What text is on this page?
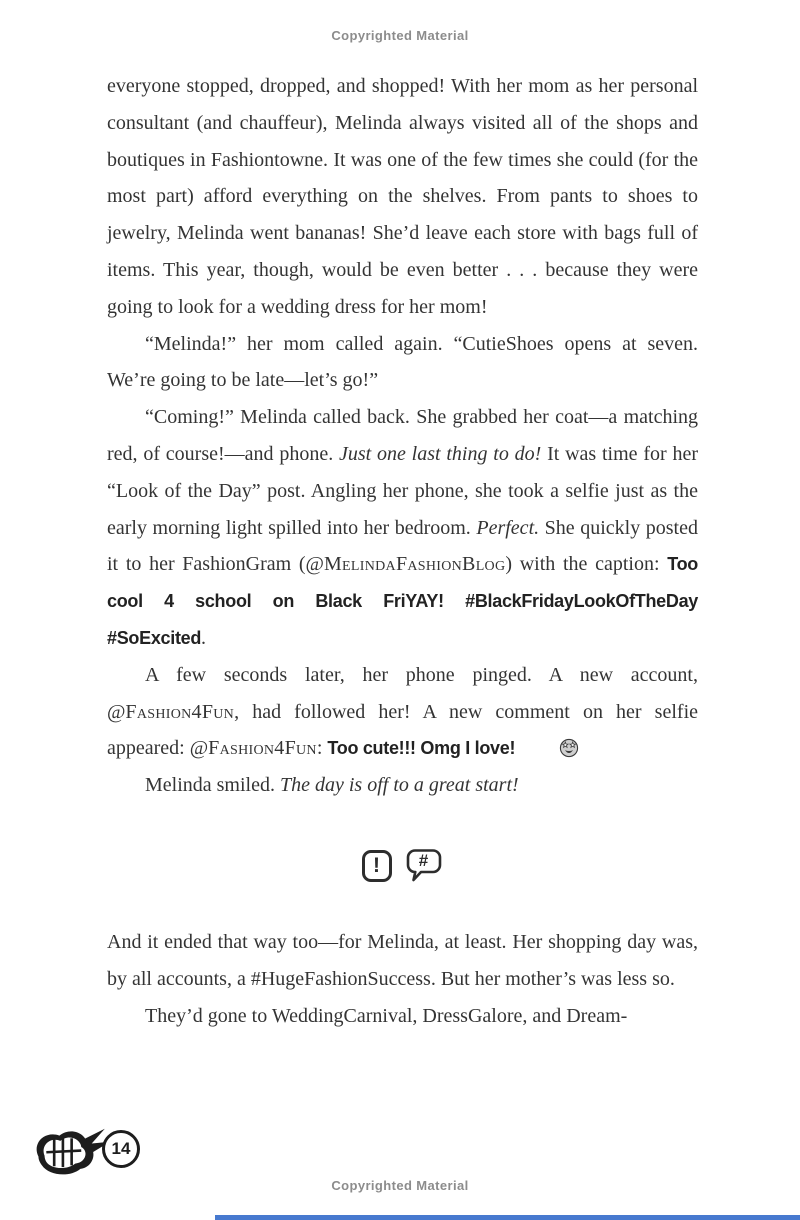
Copyrighted Material

everyone stopped, dropped, and shopped! With her mom as her personal consultant (and chauffeur), Melinda always visited all of the shops and boutiques in Fashiontowne. It was one of the few times she could (for the most part) afford everything on the shelves. From pants to shoes to jewelry, Melinda went bananas! She’d leave each store with bags full of items. This year, though, would be even better . . . because they were going to look for a wedding dress for her mom!

“Melinda!” her mom called again. “CutieShoes opens at seven. We’re going to be late—let’s go!”

“Coming!” Melinda called back. She grabbed her coat—a matching red, of course!—and phone. Just one last thing to do! It was time for her “Look of the Day” post. Angling her phone, she took a selfie just as the early morning light spilled into her bedroom. Perfect. She quickly posted it to her FashionGram (@MelindaFashionBlog) with the caption: Too cool 4 school on Black FriYAY! #BlackFridayLookOfTheDay #SoExcited.

A few seconds later, her phone pinged. A new account, @Fashion4Fun, had followed her! A new comment on her selfie appeared: @Fashion4Fun: Too cute!!! Omg I love!

Melinda smiled. The day is off to a great start!

!	#

And it ended that way too—for Melinda, at least. Her shopping day was, by all accounts, a #HugeFashionSuccess. But her mother’s was less so.

They’d gone to WeddingCarnival, DressGalore, and Dream-

14
Copyrighted Material
